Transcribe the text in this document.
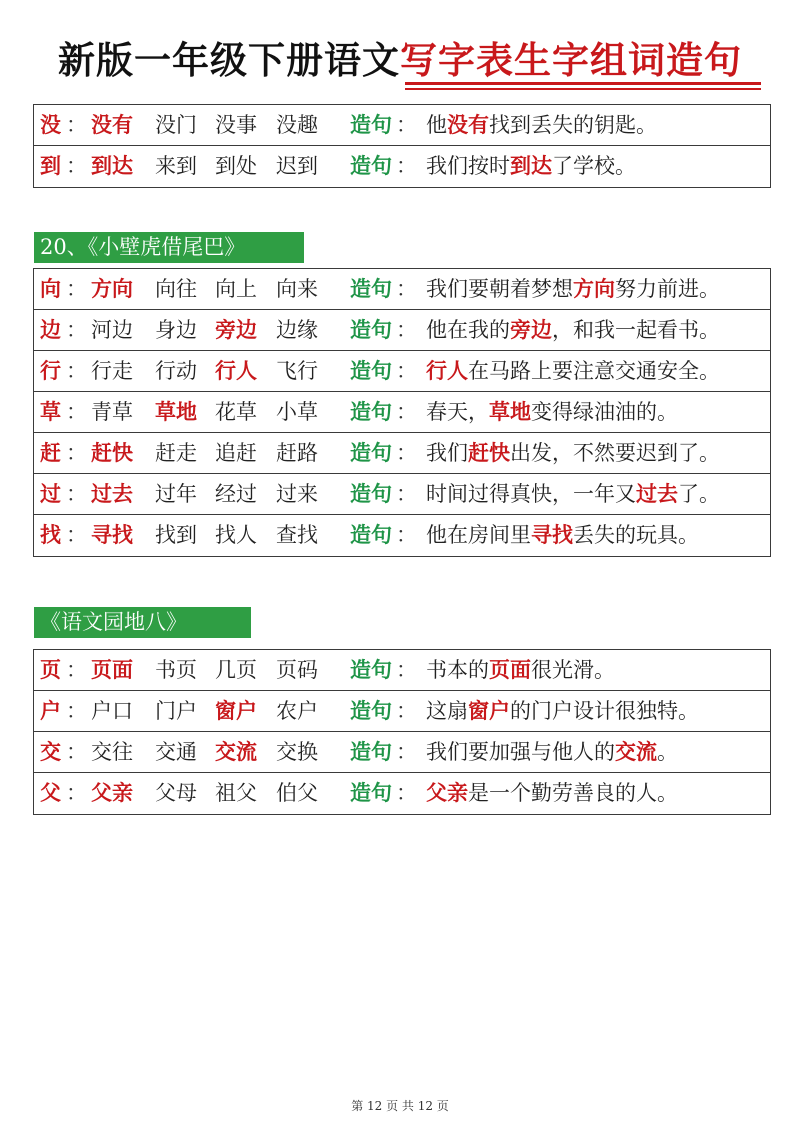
新版一年级下册语文写字表生字组词造句
没 ： 没有 没门 没事 没趣 造句 ： 他没有找到丢失的钥匙。
到 ： 到达 来到 到处 迟到 造句 ： 我们按时到达了学校。
20、《小壁虎借尾巴》
向 ： 方向 向往 向上 向来 造句 ： 我们要朝着梦想方向努力前进。
边 ： 河边 身边 旁边 边缘 造句 ： 他在我的旁边，和我一起看书。
行 ： 行走 行动 行人 飞行 造句 ： 行人在马路上要注意交通安全。
草 ： 青草 草地 花草 小草 造句 ： 春天，草地变得绿油油的。
赶 ： 赶快 赶走 追赶 赶路 造句 ： 我们赶快出发，不然要迟到了。
过 ： 过去 过年 经过 过来 造句 ： 时间过得真快，一年又过去了。
找 ： 寻找 找到 找人 查找 造句 ： 他在房间里寻找丢失的玩具。
《语文园地八》
页 ： 页面 书页 几页 页码 造句 ： 书本的页面很光滑。
户 ： 户口 门户 窗户 农户 造句 ： 这扇窗户的门户设计很独特。
交 ： 交往 交通 交流 交换 造句 ： 我们要加强与他人的交流。
父 ： 父亲 父母 祖父 伯父 造句 ： 父亲是一个勤劳善良的人。
第 12 页 共 12 页
